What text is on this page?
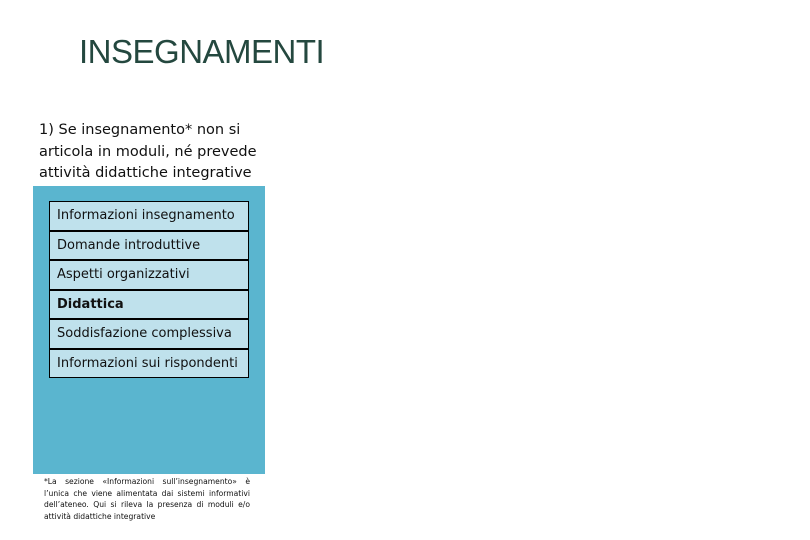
INSEGNAMENTI
1) Se insegnamento* non si articola in moduli, né prevede attività didattiche integrative
Informazioni insegnamento
Domande introduttive
Aspetti organizzativi
Didattica
Soddisfazione complessiva
Informazioni sui rispondenti
*La sezione «Informazioni sull’insegnamento» è l’unica che viene alimentata dai sistemi informativi dell’ateneo. Qui si rileva la presenza di moduli e/o attività didattiche integrative
